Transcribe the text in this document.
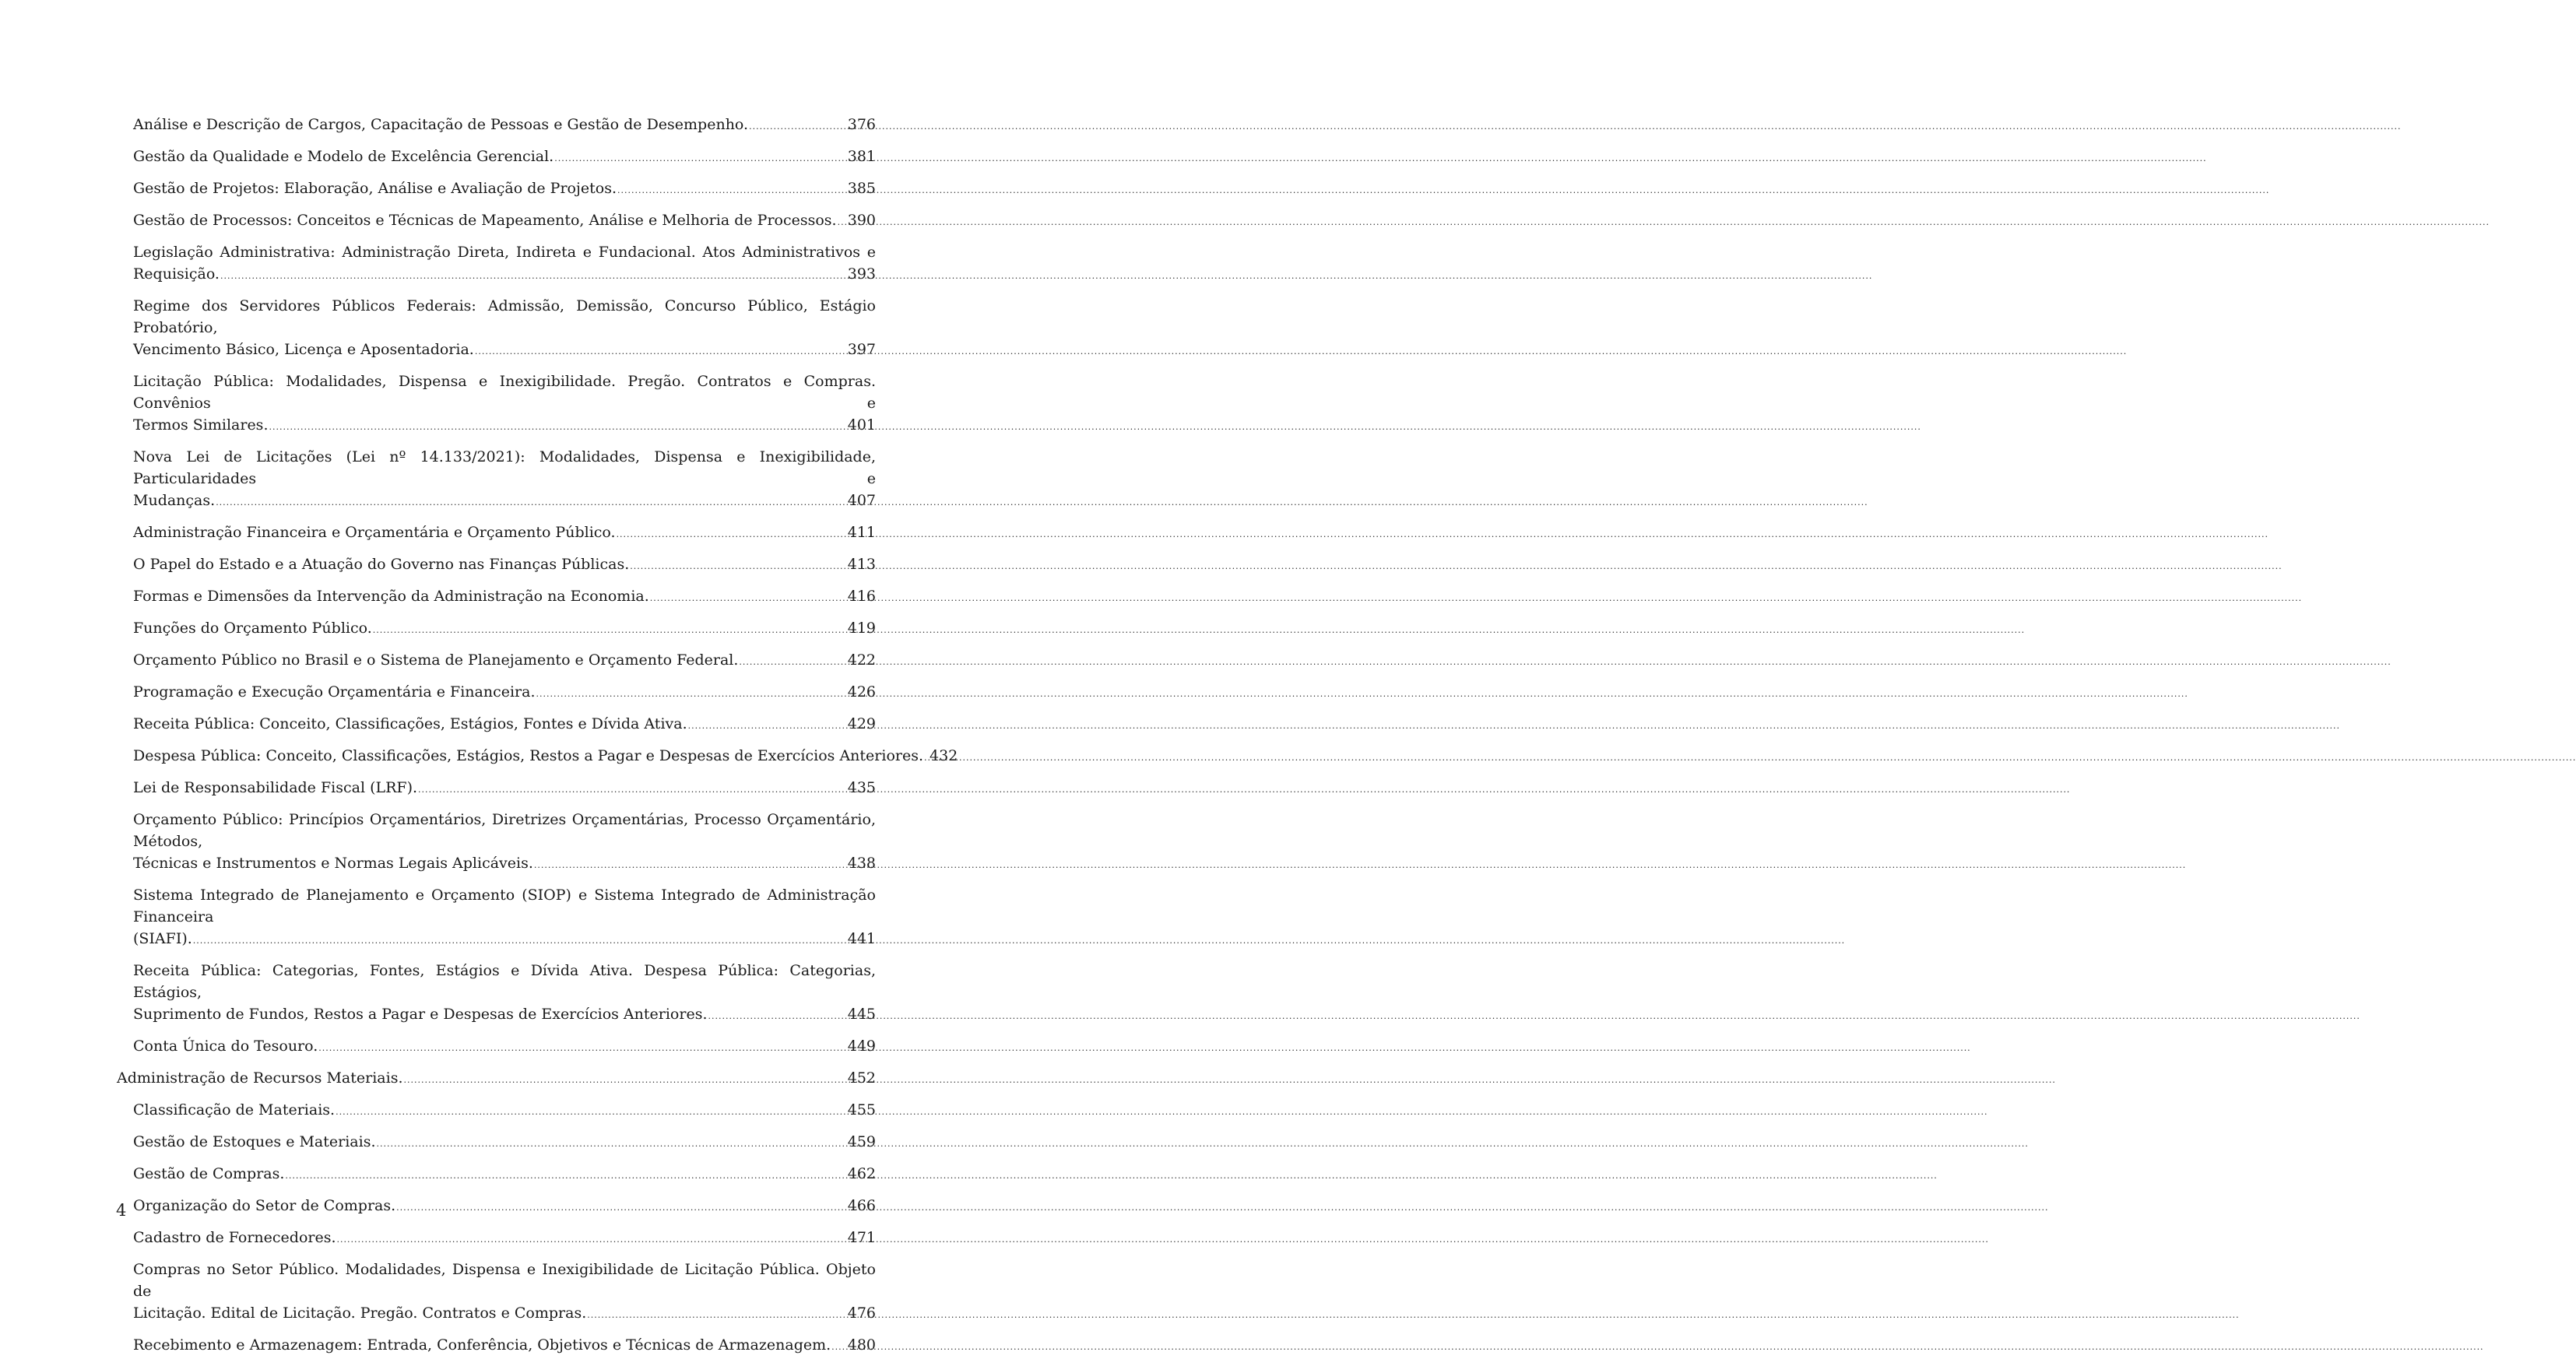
Análise e Descrição de Cargos, Capacitação de Pessoas e Gestão de Desempenho. .....	376
Gestão da Qualidade e Modelo de Excelência Gerencial. .....	381
Gestão de Projetos: Elaboração, Análise e Avaliação de Projetos. .....	385
Gestão de Processos: Conceitos e Técnicas de Mapeamento, Análise e Melhoria de Processos. ..... 390
Legislação Administrativa: Administração Direta, Indireta e Fundacional. Atos Administrativos e
Requisição. .....	393
Regime dos Servidores Públicos Federais: Admissão, Demissão, Concurso Público, Estágio Probatório,
Vencimento Básico, Licença e Aposentadoria. .....	397
Licitação Pública: Modalidades, Dispensa e Inexigibilidade. Pregão. Contratos e Compras. Convênios e
Termos Similares. .....	401
Nova Lei de Licitações (Lei nº 14.133/2021): Modalidades, Dispensa e Inexigibilidade, Particularidades e
Mudanças. .....	407
Administração Financeira e Orçamentária e Orçamento Público. .....	411
O Papel do Estado e a Atuação do Governo nas Finanças Públicas. .....	413
Formas e Dimensões da Intervenção da Administração na Economia. .....	416
Funções do Orçamento Público. .....	419
Orçamento Público no Brasil e o Sistema de Planejamento e Orçamento Federal. .....	422
Programação e Execução Orçamentária e Financeira. .....	426
Receita Pública: Conceito, Classificações, Estágios, Fontes e Dívida Ativa. .....	429
Despesa Pública: Conceito, Classificações, Estágios, Restos a Pagar e Despesas de Exercícios Anteriores. ..... 432
Lei de Responsabilidade Fiscal (LRF). .....	435
Orçamento Público: Princípios Orçamentários, Diretrizes Orçamentárias, Processo Orçamentário, Métodos,
Técnicas e Instrumentos e Normas Legais Aplicáveis. .....	438
Sistema Integrado de Planejamento e Orçamento (SIOP) e Sistema Integrado de Administração Financeira
(SIAFI). .....	441
Receita Pública: Categorias, Fontes, Estágios e Dívida Ativa. Despesa Pública: Categorias, Estágios,
Suprimento de Fundos, Restos a Pagar e Despesas de Exercícios Anteriores. .....	445
Conta Única do Tesouro. .....	449
Administração de Recursos Materiais. .....	452
Classificação de Materiais. .....	455
Gestão de Estoques e Materiais. .....	459
Gestão de Compras. .....	462
Organização do Setor de Compras. .....	466
Cadastro de Fornecedores. .....	471
Compras no Setor Público. Modalidades, Dispensa e Inexigibilidade de Licitação Pública. Objeto de
Licitação. Edital de Licitação. Pregão. Contratos e Compras. .....	476
Recebimento e Armazenagem: Entrada, Conferência, Objetivos e Técnicas de Armazenagem. ..... 480
4
